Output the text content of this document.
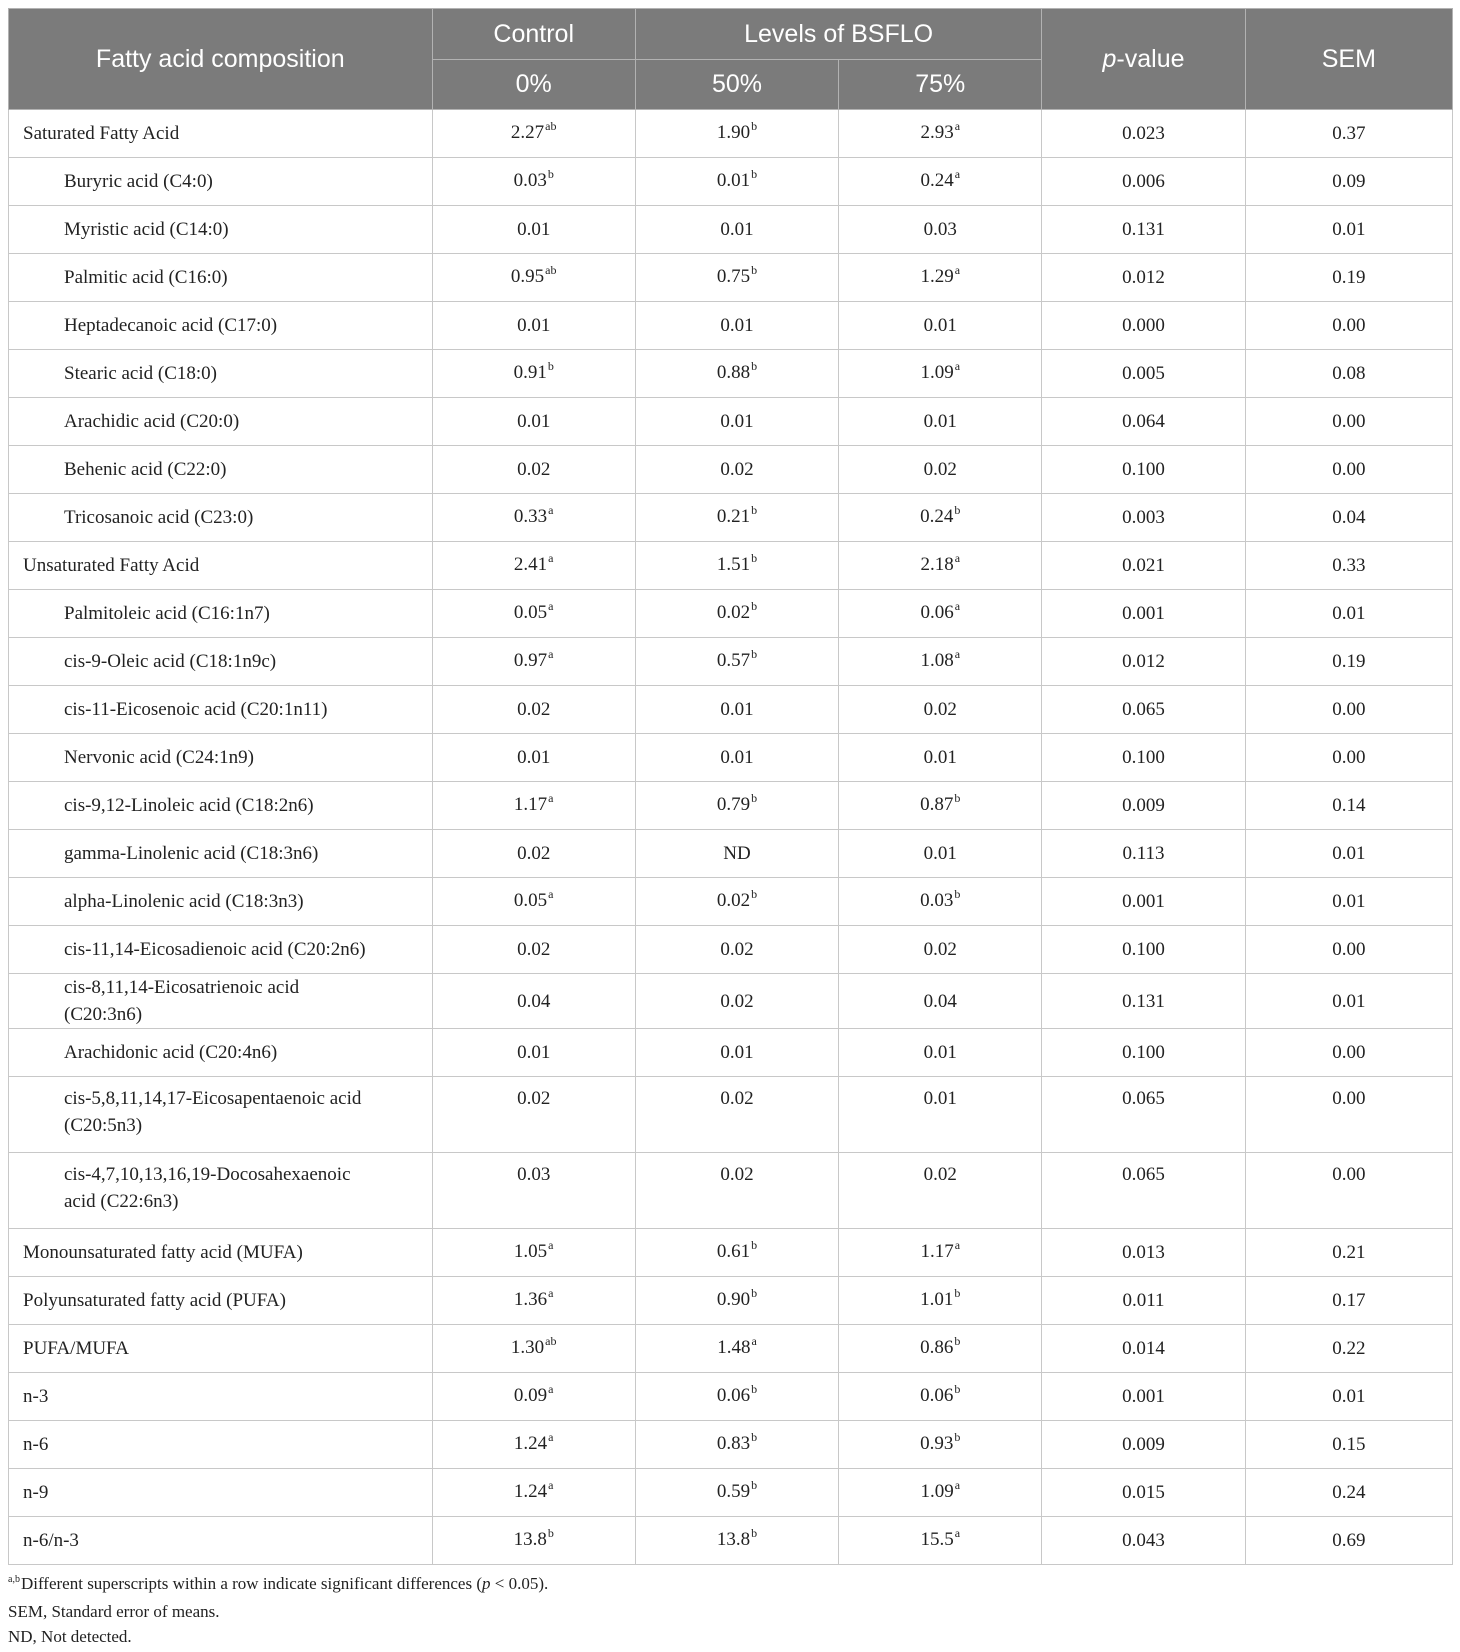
Fatty acid composition	Control	Levels of BSFLO		p-value	SEM
	0%	50%	75%		
Saturated Fatty Acid	2.27$^{ab}$	1.90$^b$	2.93$^a$	0.023	0.37
Buryric acid (C4:0)	0.03$^b$	0.01$^b$	0.24$^a$	0.006	0.09
Myristic acid (C14:0)	0.01	0.01	0.03	0.131	0.01
Palmitic acid (C16:0)	0.95$^{ab}$	0.75$^b$	1.29$^a$	0.012	0.19
Heptadecanoic acid (C17:0)	0.01	0.01	0.01	0.000	0.00
Stearic acid (C18:0)	0.91$^b$	0.88$^b$	1.09$^a$	0.005	0.08
Arachidic acid (C20:0)	0.01	0.01	0.01	0.064	0.00
Behenic acid (C22:0)	0.02	0.02	0.02	0.100	0.00
Tricosanoic acid (C23:0)	0.33$^a$	0.21$^b$	0.24$^b$	0.003	0.04
Unsaturated Fatty Acid	2.41$^a$	1.51$^b$	2.18$^a$	0.021	0.33
Palmitoleic acid (C16:1n7)	0.05$^a$	0.02$^b$	0.06$^a$	0.001	0.01
cis-9-Oleic acid (C18:1n9c)	0.97$^a$	0.57$^b$	1.08$^a$	0.012	0.19
cis-11-Eicosenoic acid (C20:1n11)	0.02	0.01	0.02	0.065	0.00
Nervonic acid (C24:1n9)	0.01	0.01	0.01	0.100	0.00
cis-9,12-Linoleic acid (C18:2n6)	1.17$^a$	0.79$^b$	0.87$^b$	0.009	0.14
gamma-Linolenic acid (C18:3n6)	0.02	ND	0.01	0.113	0.01
alpha-Linolenic acid (C18:3n3)	0.05$^a$	0.02$^b$	0.03$^b$	0.001	0.01
cis-11,14-Eicosadienoic acid (C20:2n6)	0.02	0.02	0.02	0.100	0.00
cis-8,11,14-Eicosatrienoic acid (C20:3n6)	0.04	0.02	0.04	0.131	0.01
Arachidonic acid (C20:4n6)	0.01	0.01	0.01	0.100	0.00
cis-5,8,11,14,17-Eicosapentaenoic acid (C20:5n3)	0.02	0.02	0.01	0.065	0.00
cis-4,7,10,13,16,19-Docosahexaenoic acid (C22:6n3)	0.03	0.02	0.02	0.065	0.00
Monounsaturated fatty acid (MUFA)	1.05$^a$	0.61$^b$	1.17$^a$	0.013	0.21
Polyunsaturated fatty acid (PUFA)	1.36$^a$	0.90$^b$	1.01$^b$	0.011	0.17
PUFA/MUFA	1.30$^{ab}$	1.48$^a$	0.86$^b$	0.014	0.22
n-3	0.09$^a$	0.06$^b$	0.06$^b$	0.001	0.01
n-6	1.24$^a$	0.83$^b$	0.93$^b$	0.009	0.15
n-9	1.24$^a$	0.59$^b$	1.09$^a$	0.015	0.24
n-6/n-3	13.8$^b$	13.8$^b$	15.5$^a$	0.043	0.69
$^{a,b}$Different superscripts within a row indicate significant differences (p < 0.05).
SEM, Standard error of means.
ND, Not detected.
